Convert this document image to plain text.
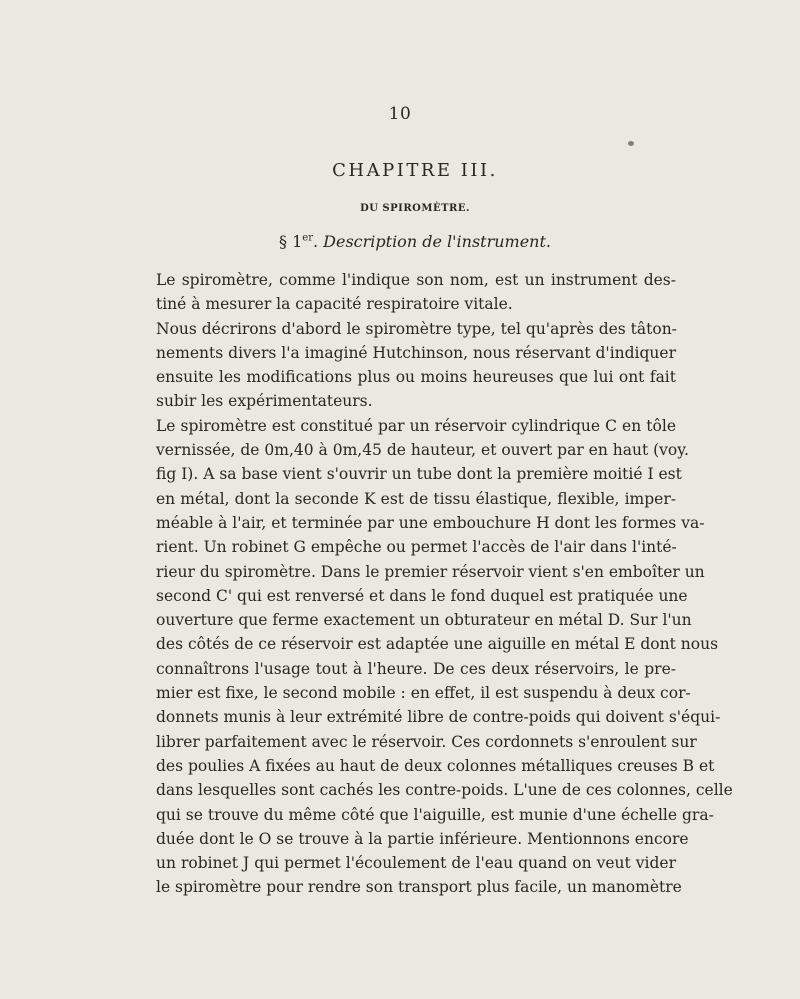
10
CHAPITRE III.
DU SPIROMÈTRE.
§ 1er. Description de l'instrument.
Le spiromètre, comme l'indique son nom, est un instrument des-
tiné à mesurer la capacité respiratoire vitale.
Nous décrirons d'abord le spiromètre type, tel qu'après des tâton-
nements divers l'a imaginé Hutchinson, nous réservant d'indiquer
ensuite les modifications plus ou moins heureuses que lui ont fait
subir les expérimentateurs.
Le spiromètre est constitué par un réservoir cylindrique C en tôle
vernissée, de 0m,40 à 0m,45 de hauteur, et ouvert par en haut (voy.
fig I). A sa base vient s'ouvrir un tube dont la première moitié I est
en métal, dont la seconde K est de tissu élastique, flexible, imper-
méable à l'air, et terminée par une embouchure H dont les formes va-
rient. Un robinet G empêche ou permet l'accès de l'air dans l'inté-
rieur du spiromètre. Dans le premier réservoir vient s'en emboîter un
second C' qui est renversé et dans le fond duquel est pratiquée une
ouverture que ferme exactement un obturateur en métal D. Sur l'un
des côtés de ce réservoir est adaptée une aiguille en métal E dont nous
connaîtrons l'usage tout à l'heure. De ces deux réservoirs, le pre-
mier est fixe, le second mobile : en effet, il est suspendu à deux cor-
donnets munis à leur extrémité libre de contre-poids qui doivent s'équi-
librer parfaitement avec le réservoir. Ces cordonnets s'enroulent sur
des poulies A fixées au haut de deux colonnes métalliques creuses B et
dans lesquelles sont cachés les contre-poids. L'une de ces colonnes, celle
qui se trouve du même côté que l'aiguille, est munie d'une échelle gra-
duée dont le O se trouve à la partie inférieure. Mentionnons encore
un robinet J qui permet l'écoulement de l'eau quand on veut vider
le spiromètre pour rendre son transport plus facile, un manomètre
